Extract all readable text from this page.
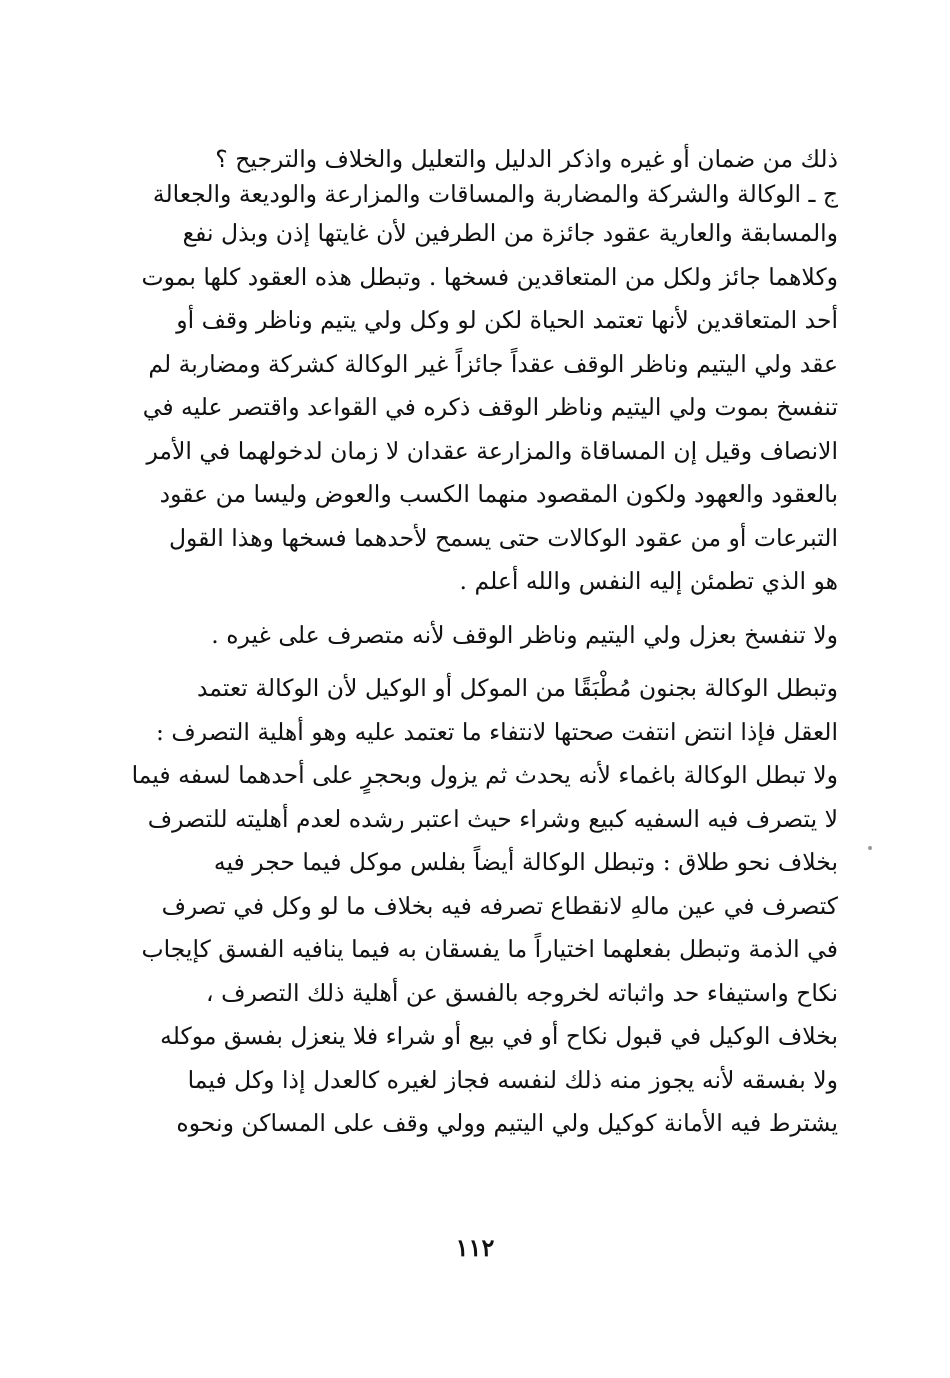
ذلك من ضمان أو غيره واذكر الدليل والتعليل والخلاف والترجيح ؟
ج ـ الوكالة والشركة والمضاربة والمساقات والمزارعة والوديعة والجعالة
والمسابقة والعارية عقود جائزة من الطرفين لأن غايتها إذن وبذل نفع
وكلاهما جائز ولكل من المتعاقدين فسخها . وتبطل هذه العقود كلها بموت
أحد المتعاقدين لأنها تعتمد الحياة لكن لو وكل ولي يتيم وناظر وقف أو
عقد ولي اليتيم وناظر الوقف عقداً جائزاً غير الوكالة كشركة ومضاربة لم
تنفسخ بموت ولي اليتيم وناظر الوقف ذكره في القواعد واقتصر عليه في
الانصاف وقيل إن المساقاة والمزارعة عقدان لا زمان لدخولهما في الأمر
بالعقود والعهود ولكون المقصود منهما الكسب والعوض وليسا من عقود
التبرعات أو من عقود الوكالات حتى يسمح لأحدهما فسخها وهذا القول
هو الذي تطمئن إليه النفس والله أعلم .
ولا تنفسخ بعزل ولي اليتيم وناظر الوقف لأنه متصرف على غيره .
وتبطل الوكالة بجنون مُطْبَقًا من الموكل أو الوكيل لأن الوكالة تعتمد
العقل فإذا انتض انتفت صحتها لانتفاء ما تعتمد عليه وهو أهلية التصرف :
ولا تبطل الوكالة باغماء لأنه يحدث ثم يزول وبحجرٍ على أحدهما لسفه فيما
لا يتصرف فيه السفيه كبيع وشراء حيث اعتبر رشده لعدم أهليته للتصرف
بخلاف نحو طلاق : وتبطل الوكالة أيضاً بفلس موكل فيما حجر فيه
كتصرف في عين مالهِ لانقطاع تصرفه فيه بخلاف ما لو وكل في تصرف
في الذمة وتبطل بفعلهما اختياراً ما يفسقان به فيما ينافيه الفسق كإيجاب
نكاح واستيفاء حد واثباته لخروجه بالفسق عن أهلية ذلك التصرف ،
بخلاف الوكيل في قبول نكاح أو في بيع أو شراء فلا ينعزل بفسق موكله
ولا بفسقه لأنه يجوز منه ذلك لنفسه فجاز لغيره كالعدل إذا وكل فيما
يشترط فيه الأمانة كوكيل ولي اليتيم وولي وقف على المساكن ونحوه
١١٢
